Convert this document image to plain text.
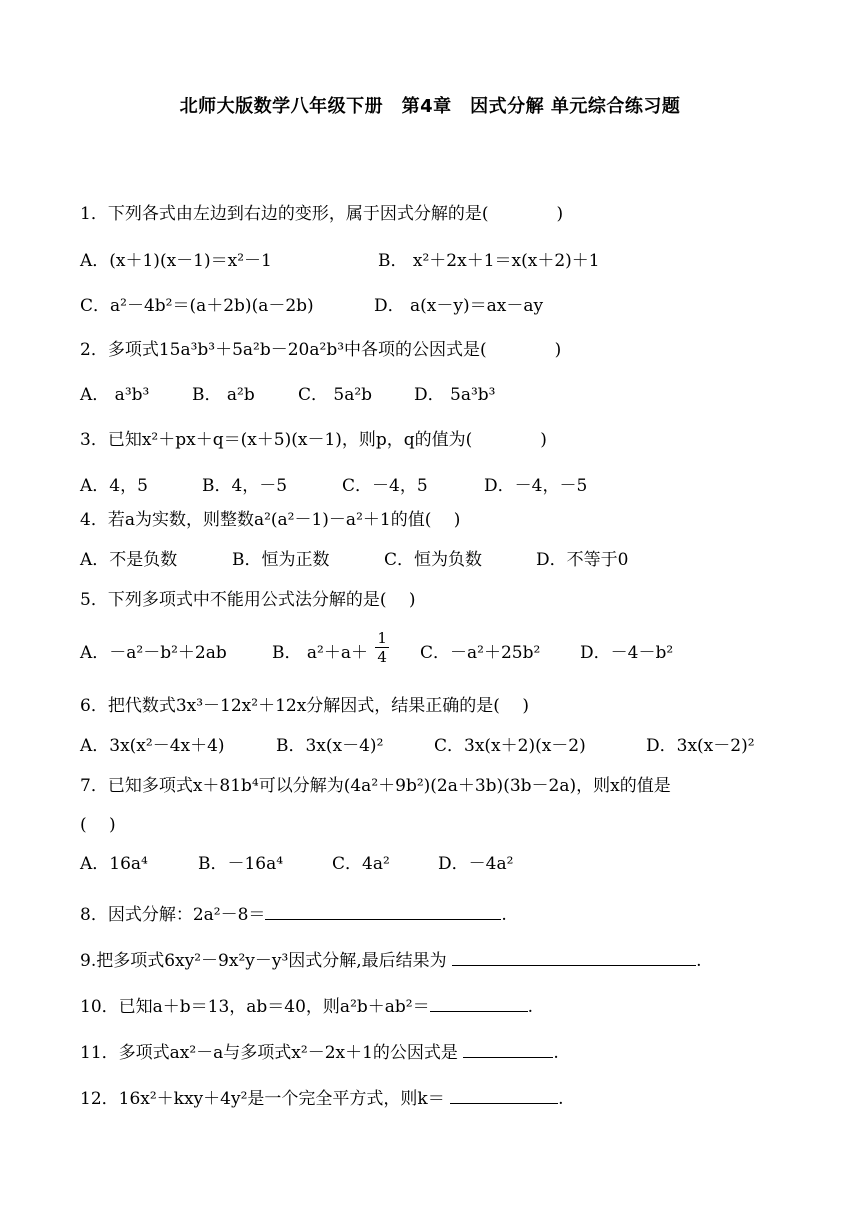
北师大版数学八年级下册　第4章　因式分解 单元综合练习题
1．下列各式由左边到右边的变形，属于因式分解的是(　　　　)
A．(x＋1)(x－1)＝x²－1	B． x²＋2x＋1＝x(x＋2)＋1
C．a²－4b²＝(a＋2b)(a－2b)	D． a(x－y)＝ax－ay
2．多项式15a³b³＋5a²b－20a²b³中各项的公因式是(　　　　)
A． a³b³	B． a²b	C． 5a²b D． 5a³b³
3．已知x²＋px＋q＝(x＋5)(x－1)，则p，q的值为(　　　　)
A．4，5	B．4，－5	C．－4，5	D．－4，－5
4．若a为实数，则整数a²(a²－1)－a²＋1的值(　 )
A．不是负数	B．恒为正数	C．恒为负数	D．不等于0
5．下列多项式中不能用公式法分解的是(　 )
A．－a²－b²＋2ab	B． $a^2+a+ \frac{1}{4}$ C．－a²＋25b² D．－4－b²
6．把代数式3x³－12x²＋12x分解因式，结果正确的是(　 )
A．3x(x²－4x＋4)	B．3x(x－4)²	C．3x(x＋2)(x－2)	D．3x(x－2)²
7．已知多项式x＋81b⁴可以分解为(4a²＋9b²)(2a＋3b)(3b－2a)，则x的值是
(　 )
A．16a⁴	B．－16a⁴	C．4a²	D．－4a²
8．因式分解：2a²－8＝	.
9.把多项式6xy²－9x²y－y³因式分解,最后结果为	.
10．已知a＋b＝13，ab＝40，则a²b＋ab²＝	.
11．多项式ax²－a与多项式x²－2x＋1的公因式是	.
12．16x²＋kxy＋4y²是一个完全平方式，则k＝	.
